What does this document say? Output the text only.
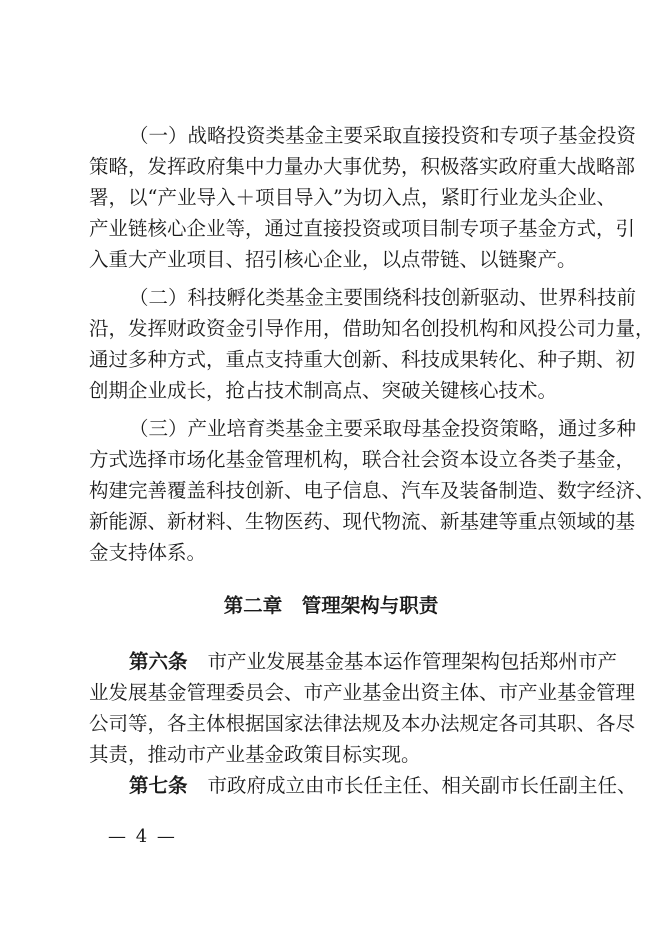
（一）战略投资类基金主要采取直接投资和专项子基金投资
策略，发挥政府集中力量办大事优势，积极落实政府重大战略部
署，以“产业导入＋项目导入”为切入点，紧盯行业龙头企业、
产业链核心企业等，通过直接投资或项目制专项子基金方式，引
入重大产业项目、招引核心企业，以点带链、以链聚产。
（二）科技孵化类基金主要围绕科技创新驱动、世界科技前
沿，发挥财政资金引导作用，借助知名创投机构和风投公司力量，
通过多种方式，重点支持重大创新、科技成果转化、种子期、初
创期企业成长，抢占技术制高点、突破关键核心技术。
（三）产业培育类基金主要采取母基金投资策略，通过多种
方式选择市场化基金管理机构，联合社会资本设立各类子基金，
构建完善覆盖科技创新、电子信息、汽车及装备制造、数字经济、
新能源、新材料、生物医药、现代物流、新基建等重点领域的基
金支持体系。
第二章　管理架构与职责
第六条 市产业发展基金基本运作管理架构包括郑州市产
业发展基金管理委员会、市产业基金出资主体、市产业基金管理
公司等，各主体根据国家法律法规及本办法规定各司其职、各尽
其责，推动市产业基金政策目标实现。
第七条 市政府成立由市长任主任、相关副市长任副主任、
— 4 —
